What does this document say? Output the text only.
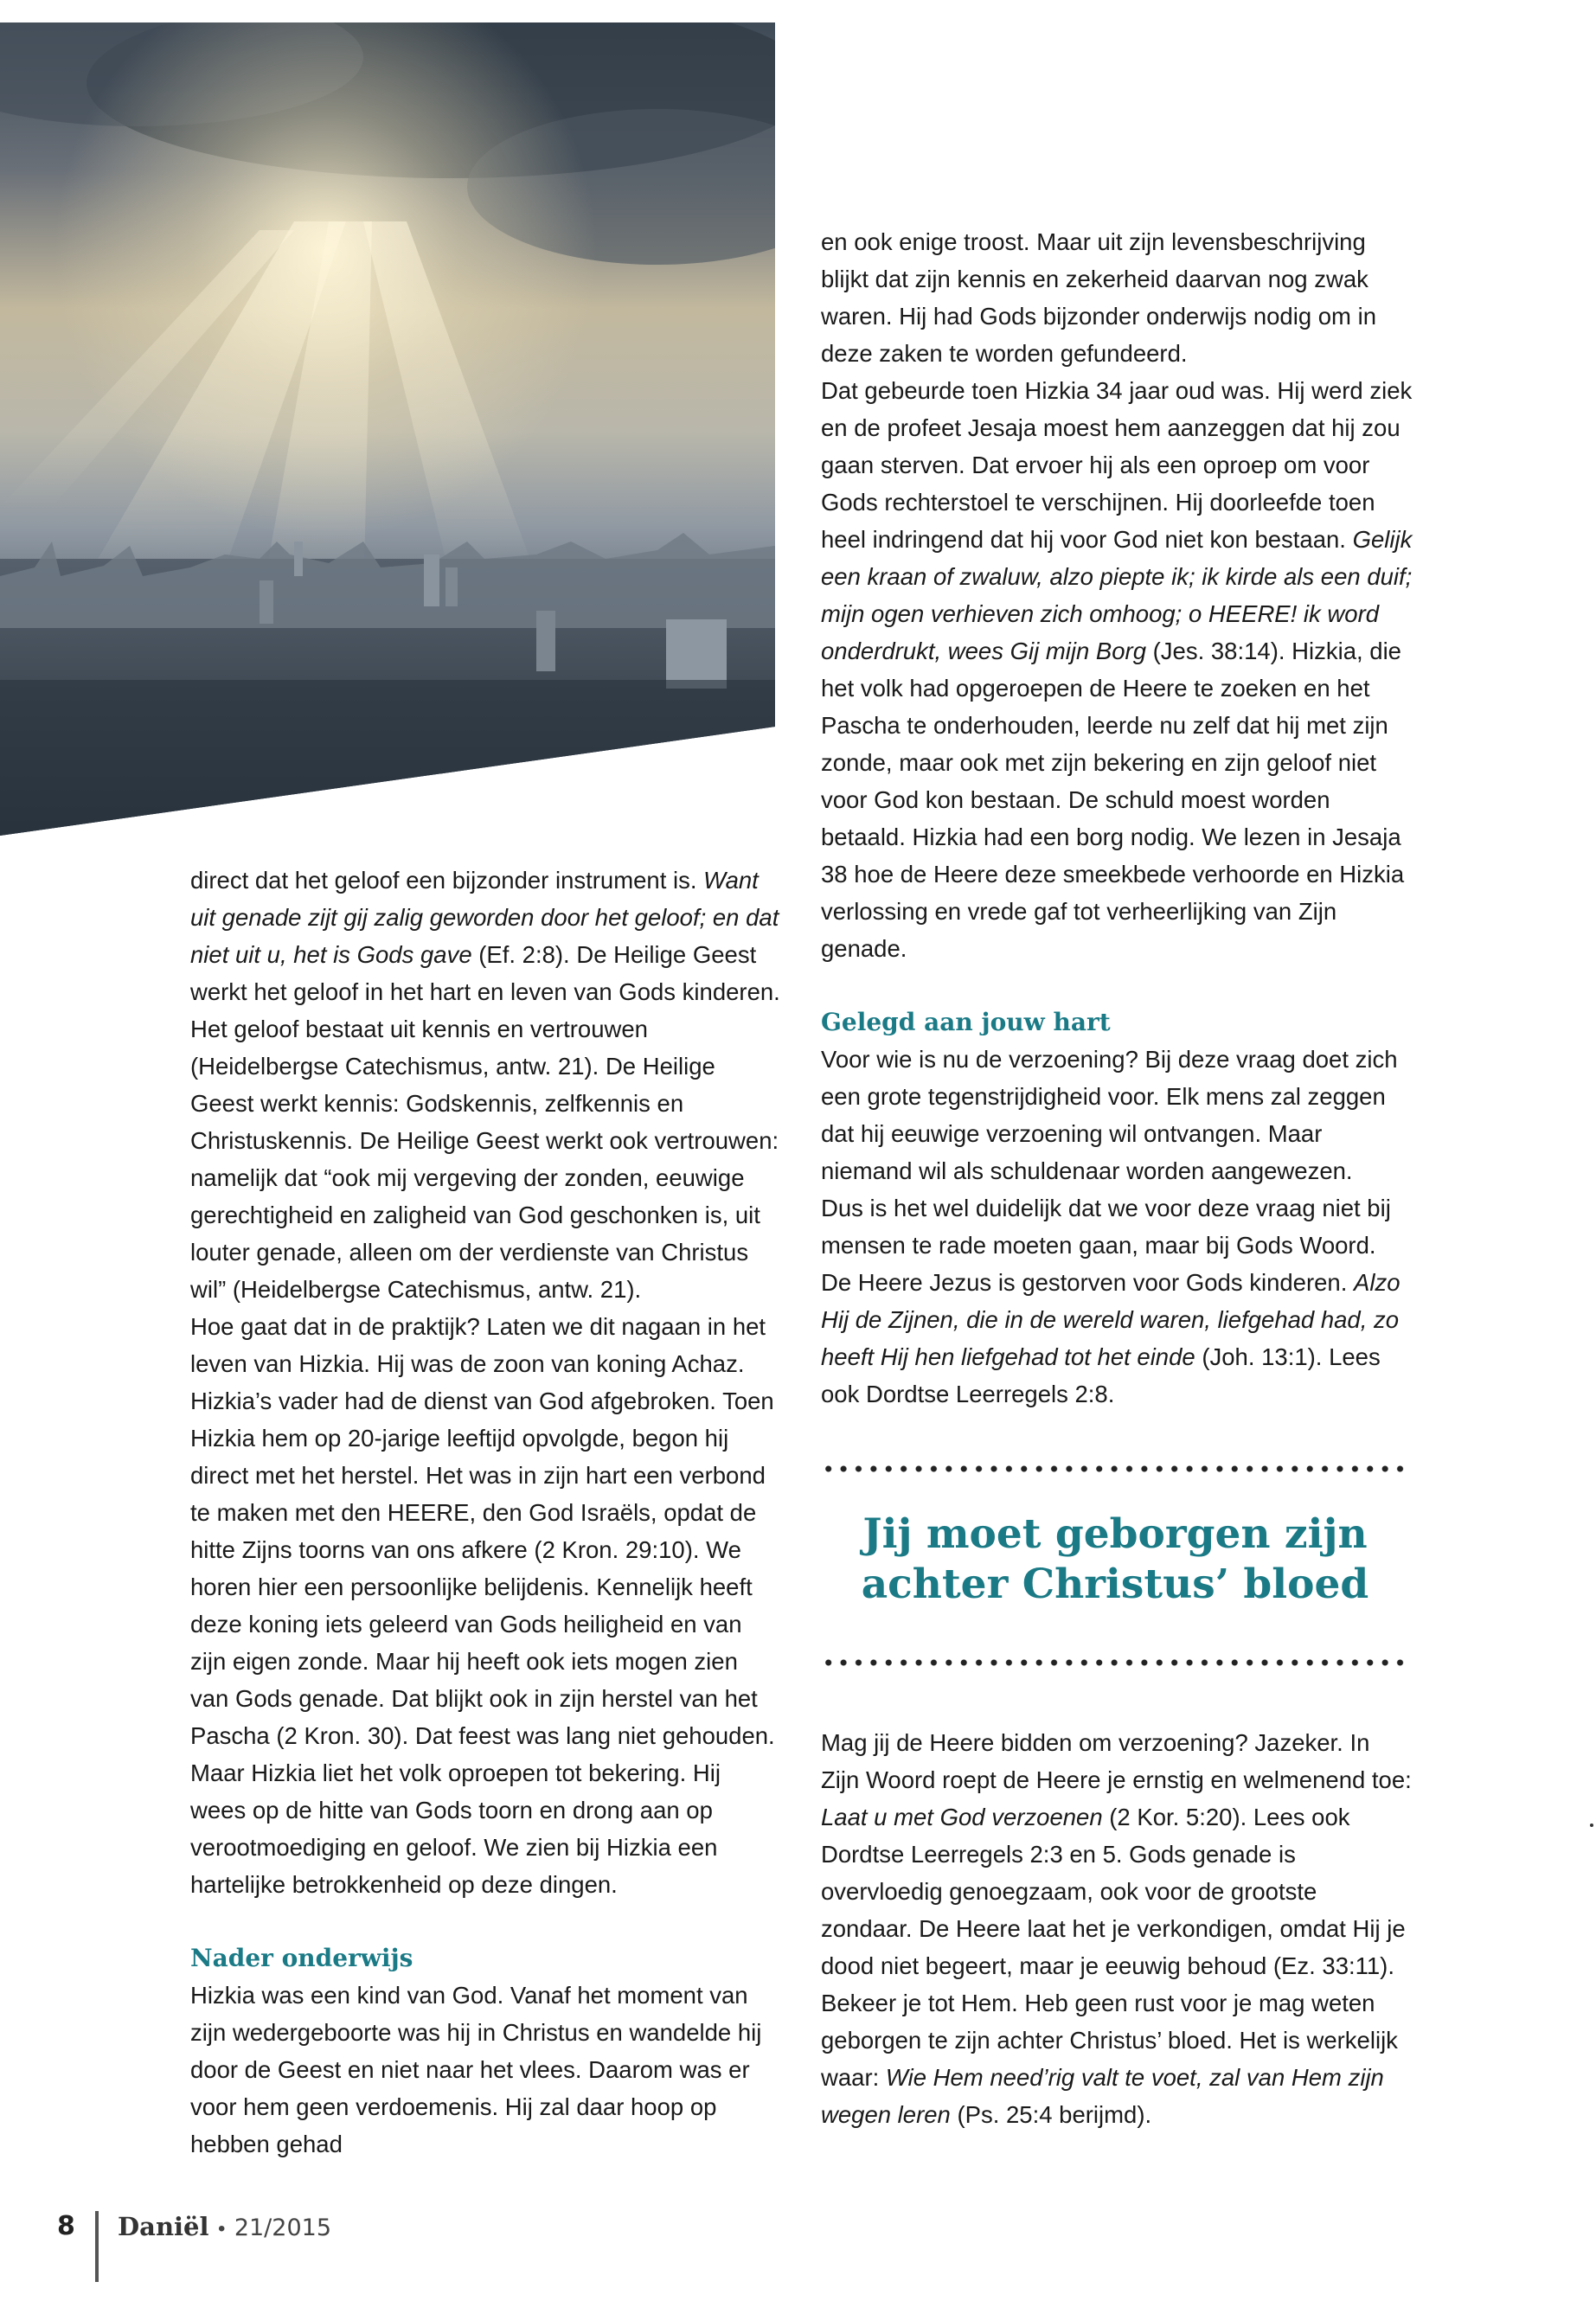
direct dat het geloof een bijzonder instrument is. Want uit genade zijt gij zalig geworden door het geloof; en dat niet uit u, het is Gods gave (Ef. 2:8). De Heilige Geest werkt het geloof in het hart en leven van Gods kinderen. Het geloof bestaat uit kennis en vertrouwen (Heidelbergse Catechismus, antw. 21). De Heilige Geest werkt kennis: Godskennis, zelfkennis en Christuskennis. De Heilige Geest werkt ook vertrouwen: namelijk dat “ook mij vergeving der zonden, eeuwige gerechtigheid en zaligheid van God geschonken is, uit louter genade, alleen om der verdienste van Christus wil” (Heidelbergse Catechismus, antw. 21).

Hoe gaat dat in de praktijk? Laten we dit nagaan in het leven van Hizkia. Hij was de zoon van koning Achaz. Hizkia’s vader had de dienst van God afgebroken. Toen Hizkia hem op 20-jarige leeftijd opvolgde, begon hij direct met het herstel. Het was in zijn hart een verbond te maken met den HEERE, den God Israëls, opdat de hitte Zijns toorns van ons afkere (2 Kron. 29:10). We horen hier een persoonlijke belijdenis. Kennelijk heeft deze koning iets geleerd van Gods heiligheid en van zijn eigen zonde. Maar hij heeft ook iets mogen zien van Gods genade. Dat blijkt ook in zijn herstel van het Pascha (2 Kron. 30). Dat feest was lang niet gehouden. Maar Hizkia liet het volk oproepen tot bekering. Hij wees op de hitte van Gods toorn en drong aan op verootmoediging en geloof. We zien bij Hizkia een hartelijke betrokkenheid op deze dingen.

Nader onderwijs

Hizkia was een kind van God. Vanaf het moment van zijn wedergeboorte was hij in Christus en wandelde hij door de Geest en niet naar het vlees. Daarom was er voor hem geen verdoemenis. Hij zal daar hoop op hebben gehad

en ook enige troost. Maar uit zijn levensbeschrijving blijkt dat zijn kennis en zekerheid daarvan nog zwak waren. Hij had Gods bijzonder onderwijs nodig om in deze zaken te worden gefundeerd.

Dat gebeurde toen Hizkia 34 jaar oud was. Hij werd ziek en de profeet Jesaja moest hem aanzeggen dat hij zou gaan sterven. Dat ervoer hij als een oproep om voor Gods rechterstoel te verschijnen. Hij doorleefde toen heel indringend dat hij voor God niet kon bestaan. Gelijk een kraan of zwaluw, alzo piepte ik; ik kirde als een duif; mijn ogen verhieven zich omhoog; o HEERE! ik word onderdrukt, wees Gij mijn Borg (Jes. 38:14). Hizkia, die het volk had opgeroepen de Heere te zoeken en het Pascha te onderhouden, leerde nu zelf dat hij met zijn zonde, maar ook met zijn bekering en zijn geloof niet voor God kon bestaan. De schuld moest worden betaald. Hizkia had een borg nodig. We lezen in Jesaja 38 hoe de Heere deze smeekbede verhoorde en Hizkia verlossing en vrede gaf tot verheerlijking van Zijn genade.

Gelegd aan jouw hart

Voor wie is nu de verzoening? Bij deze vraag doet zich een grote tegenstrijdigheid voor. Elk mens zal zeggen dat hij eeuwige verzoening wil ontvangen. Maar niemand wil als schuldenaar worden aangewezen.

Dus is het wel duidelijk dat we voor deze vraag niet bij mensen te rade moeten gaan, maar bij Gods Woord.

De Heere Jezus is gestorven voor Gods kinderen. Alzo Hij de Zijnen, die in de wereld waren, liefgehad had, zo heeft Hij hen liefgehad tot het einde (Joh. 13:1). Lees ook Dordtse Leerregels 2:8.

Jij moet geborgen zijn
achter Christus’ bloed

Mag jij de Heere bidden om verzoening? Jazeker. In Zijn Woord roept de Heere je ernstig en welmenend toe: Laat u met God verzoenen (2 Kor. 5:20). Lees ook Dordtse Leerregels 2:3 en 5. Gods genade is overvloedig genoegzaam, ook voor de grootste zondaar. De Heere laat het je verkondigen, omdat Hij je dood niet begeert, maar je eeuwig behoud (Ez. 33:11). Bekeer je tot Hem. Heb geen rust voor je mag weten geborgen te zijn achter Christus’ bloed. Het is werkelijk waar: Wie Hem need’rig valt te voet, zal van Hem zijn wegen leren (Ps. 25:4 berijmd).

8 Daniël • 21/2015
